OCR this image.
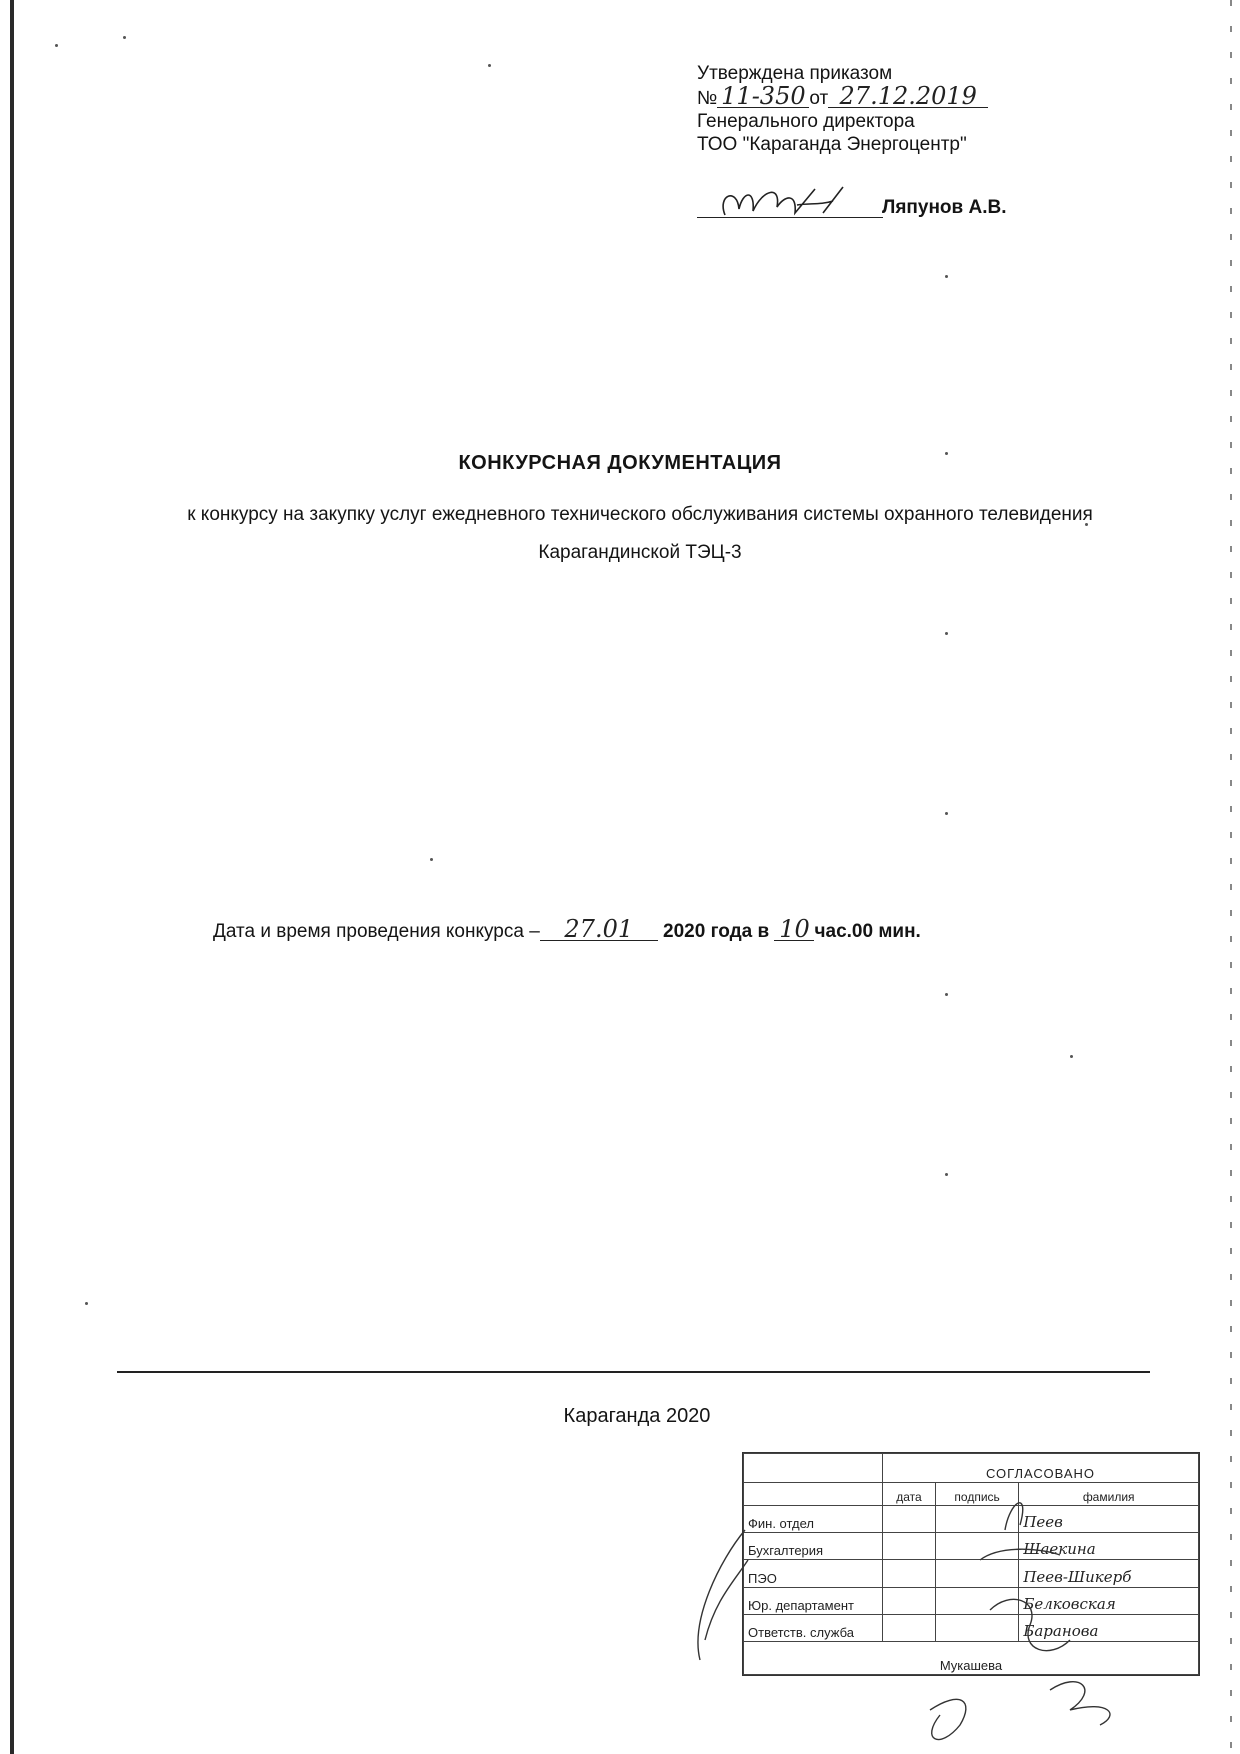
Утверждена приказом
№ 11-350 от 27.12.2019
Генерального директора
ТОО "Караганда Энергоцентр"
Ляпунов А.В.
КОНКУРСНАЯ ДОКУМЕНТАЦИЯ
к конкурсу на закупку услуг ежедневного технического обслуживания системы охранного телевидения Карагандинской ТЭЦ-3
Дата и время проведения конкурса – 27.01 2020 года в 10 час.00 мин.
Караганда 2020
	СОГЛАСОВАНО		
	дата	подпись	фамилия
Фин. отдел			Пеев
Бухгалтерия			Шаекина
ПЭО			Пеев-Шикерб
Юр. департамент			Белковская
Ответств. служба			Баранова
Мукашева			
